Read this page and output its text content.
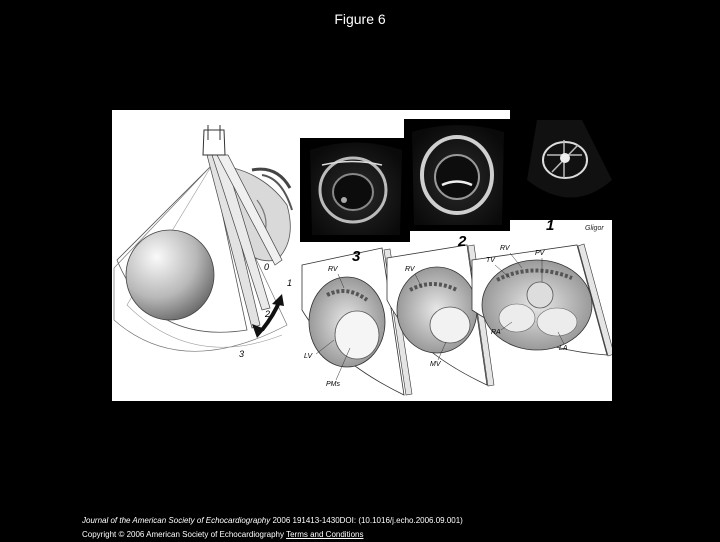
Figure 6
0
1
2
3
1
2
3
RV	RV
RV
PV
TV
LV
PMs
MV
RA
LA
Gligor
Journal of the American Society of Echocardiography 2006 191413-1430DOI: (10.1016/j.echo.2006.09.001)
Copyright © 2006 American Society of Echocardiography Terms and Conditions
